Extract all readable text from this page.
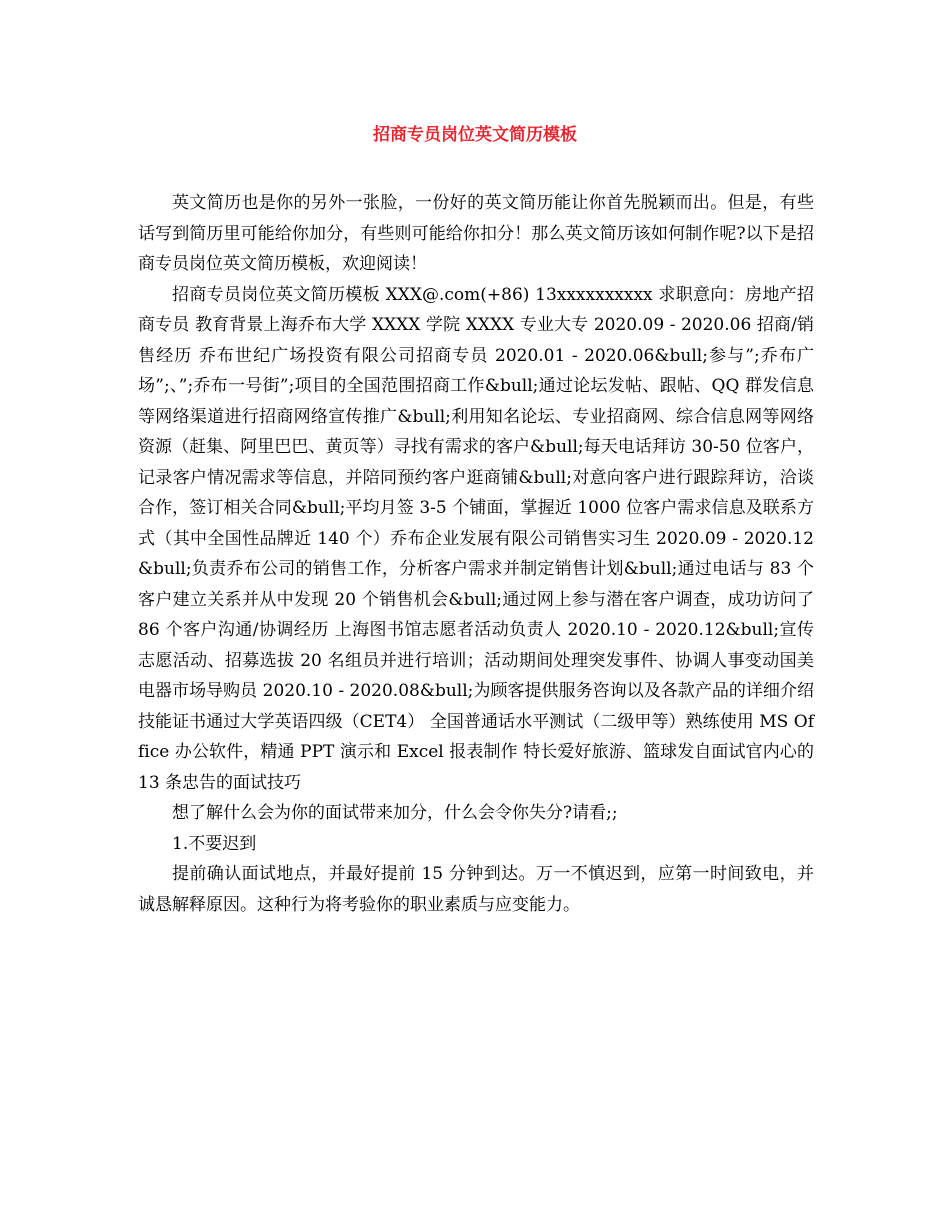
招商专员岗位英文简历模板

英文简历也是你的另外一张脸，一份好的英文简历能让你首先脱颖而出。但是，有些话写到简历里可能给你加分，有些则可能给你扣分！那么英文简历该如何制作呢?以下是招商专员岗位英文简历模板，欢迎阅读！

招商专员岗位英文简历模板 XXX@.com(+86) 13xxxxxxxxxx 求职意向：房地产招商专员 教育背景上海乔布大学 XXXX 学院 XXXX 专业大专 2020.09 - 2020.06 招商/销售经历 乔布世纪广场投资有限公司招商专员 2020.01 - 2020.06&bull;参与”;乔布广场”;、”;乔布一号街”;项目的全国范围招商工作&bull;通过论坛发帖、跟帖、QQ 群发信息等网络渠道进行招商网络宣传推广&bull;利用知名论坛、专业招商网、综合信息网等网络资源（赶集、阿里巴巴、黄页等）寻找有需求的客户&bull;每天电话拜访 30-50 位客户，记录客户情况需求等信息，并陪同预约客户逛商铺&bull;对意向客户进行跟踪拜访，洽谈合作，签订相关合同&bull;平均月签 3-5 个铺面，掌握近 1000 位客户需求信息及联系方式（其中全国性品牌近 140 个）乔布企业发展有限公司销售实习生 2020.09 - 2020.12&bull;负责乔布公司的销售工作，分析客户需求并制定销售计划&bull;通过电话与 83 个客户建立关系并从中发现 20 个销售机会&bull;通过网上参与潜在客户调查，成功访问了 86 个客户沟通/协调经历 上海图书馆志愿者活动负责人 2020.10 - 2020.12&bull;宣传志愿活动、招募选拔 20 名组员并进行培训；活动期间处理突发事件、协调人事变动国美电器市场导购员 2020.10 - 2020.08&bull;为顾客提供服务咨询以及各款产品的详细介绍技能证书通过大学英语四级（CET4） 全国普通话水平测试（二级甲等）熟练使用 MS Office 办公软件，精通 PPT 演示和 Excel 报表制作 特长爱好旅游、篮球发自面试官内心的 13 条忠告的面试技巧

想了解什么会为你的面试带来加分，什么会令你失分?请看;;

1.不要迟到

提前确认面试地点，并最好提前 15 分钟到达。万一不慎迟到，应第一时间致电，并诚恳解释原因。这种行为将考验你的职业素质与应变能力。
